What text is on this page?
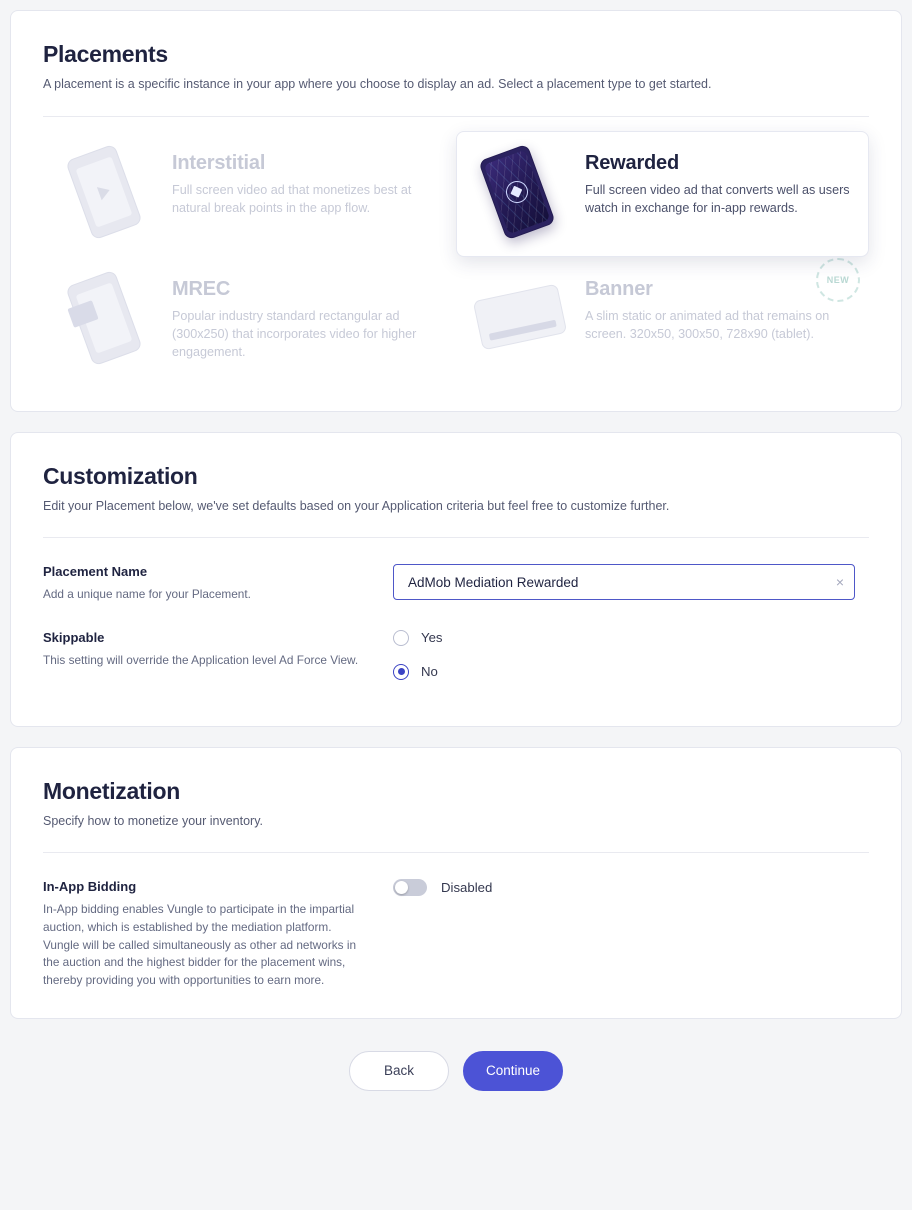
Placements

A placement is a specific instance in your app where you choose to display an ad. Select a placement type to get started.

Interstitial

Full screen video ad that monetizes best at natural break points in the app flow.

Rewarded

Full screen video ad that converts well as users watch in exchange for in-app rewards.

MREC

Popular industry standard rectangular ad (300x250) that incorporates video for higher engagement.

Banner

A slim static or animated ad that remains on screen. 320x50, 300x50, 728x90 (tablet).

NEW
Customization

Edit your Placement below, we've set defaults based on your Application criteria but feel free to customize further.

Placement Name

Add a unique name for your Placement.

AdMob Mediation Rewarded
×

Skippable

This setting will override the Application level Ad Force View.

Yes
No
Monetization

Specify how to monetize your inventory.

In-App Bidding

In-App bidding enables Vungle to participate in the impartial auction, which is established by the mediation platform. Vungle will be called simultaneously as other ad networks in the auction and the highest bidder for the placement wins, thereby providing you with opportunities to earn more.

Disabled
Back	Continue
